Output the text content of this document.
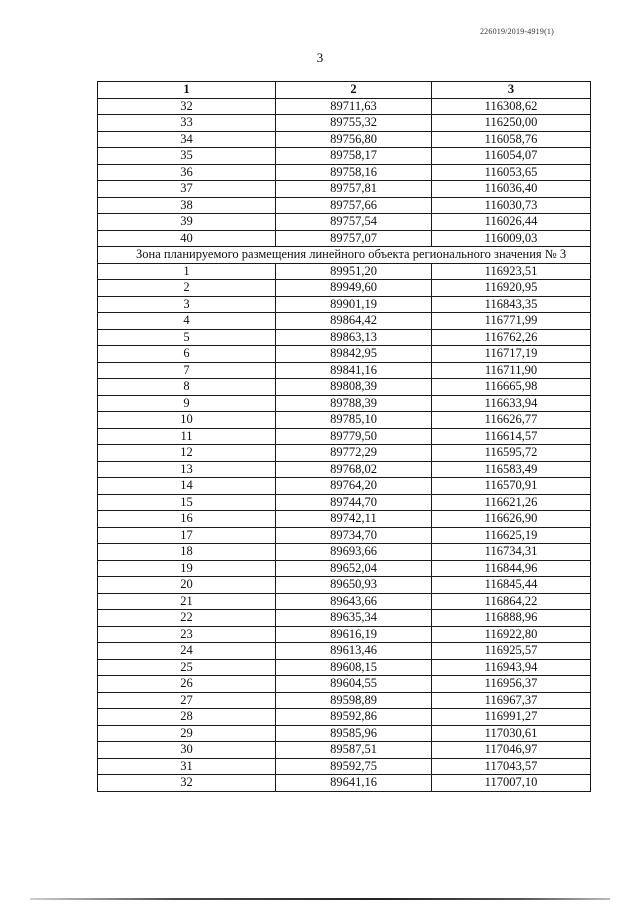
226019/2019-4919(1)
3
1	2	3
32	89711,63	116308,62
33	89755,32	116250,00
34	89756,80	116058,76
35	89758,17	116054,07
36	89758,16	116053,65
37	89757,81	116036,40
38	89757,66	116030,73
39	89757,54	116026,44
40	89757,07	116009,03
Зона планируемого размещения линейного объекта регионального значения № 3		
1	89951,20	116923,51
2	89949,60	116920,95
3	89901,19	116843,35
4	89864,42	116771,99
5	89863,13	116762,26
6	89842,95	116717,19
7	89841,16	116711,90
8	89808,39	116665,98
9	89788,39	116633,94
10	89785,10	116626,77
11	89779,50	116614,57
12	89772,29	116595,72
13	89768,02	116583,49
14	89764,20	116570,91
15	89744,70	116621,26
16	89742,11	116626,90
17	89734,70	116625,19
18	89693,66	116734,31
19	89652,04	116844,96
20	89650,93	116845,44
21	89643,66	116864,22
22	89635,34	116888,96
23	89616,19	116922,80
24	89613,46	116925,57
25	89608,15	116943,94
26	89604,55	116956,37
27	89598,89	116967,37
28	89592,86	116991,27
29	89585,96	117030,61
30	89587,51	117046,97
31	89592,75	117043,57
32	89641,16	117007,10
